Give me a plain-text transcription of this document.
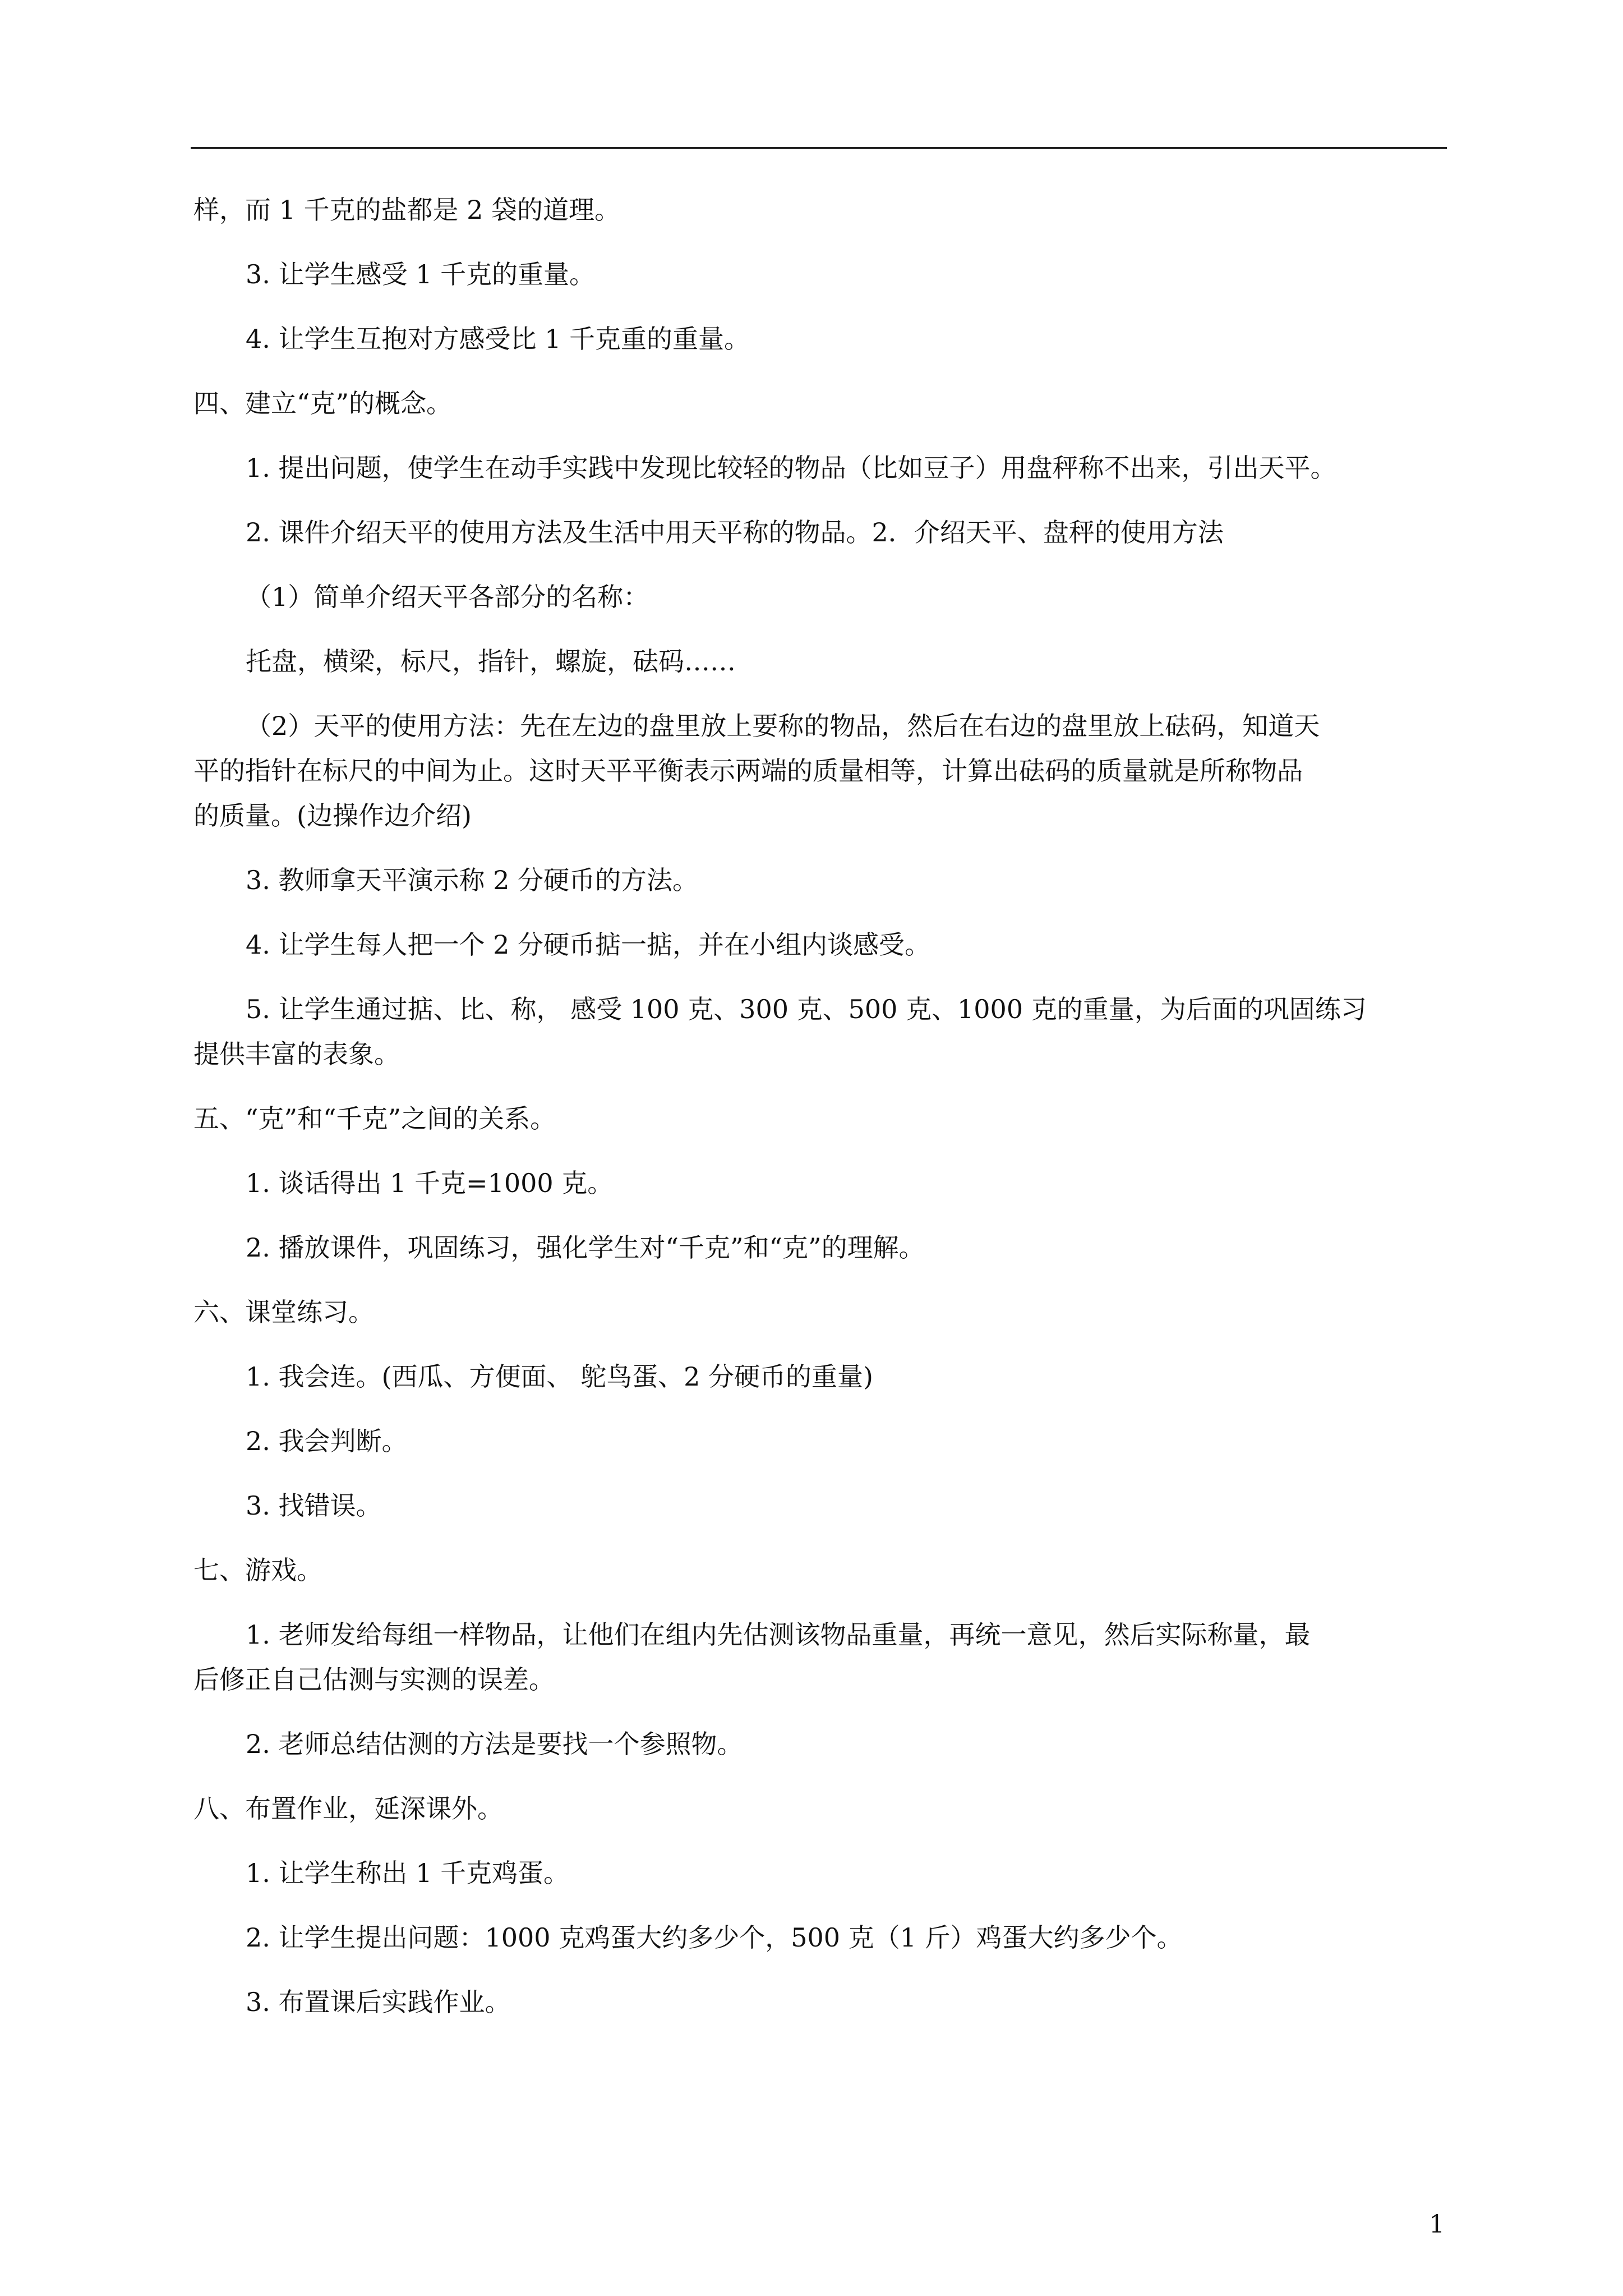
样，而 1 千克的盐都是 2 袋的道理。
3. 让学生感受 1 千克的重量。
4. 让学生互抱对方感受比 1 千克重的重量。
四、建立“克”的概念。
1. 提出问题，使学生在动手实践中发现比较轻的物品（比如豆子）用盘秤称不出来，引出天平。
2. 课件介绍天平的使用方法及生活中用天平称的物品。2．介绍天平、盘秤的使用方法
（1）简单介绍天平各部分的名称：
托盘，横梁，标尺，指针，螺旋，砝码……
（2）天平的使用方法：先在左边的盘里放上要称的物品，然后在右边的盘里放上砝码，知道天
平的指针在标尺的中间为止。这时天平平衡表示两端的质量相等，计算出砝码的质量就是所称物品
的质量。(边操作边介绍)
3. 教师拿天平演示称 2 分硬币的方法。
4. 让学生每人把一个 2 分硬币掂一掂，并在小组内谈感受。
5. 让学生通过掂、比、称， 感受 100 克、300 克、500 克、1000 克的重量，为后面的巩固练习
提供丰富的表象。
五、“克”和“千克”之间的关系。
1. 谈话得出 1 千克=1000 克。
2. 播放课件，巩固练习，强化学生对“千克”和“克”的理解。
六、课堂练习。
1. 我会连。(西瓜、方便面、 鸵鸟蛋、2 分硬币的重量)
2. 我会判断。
3. 找错误。
七、游戏。
1. 老师发给每组一样物品，让他们在组内先估测该物品重量，再统一意见，然后实际称量，最
后修正自己估测与实测的误差。
2. 老师总结估测的方法是要找一个参照物。
八、布置作业，延深课外。
1. 让学生称出 1 千克鸡蛋。
2. 让学生提出问题：1000 克鸡蛋大约多少个，500 克（1 斤）鸡蛋大约多少个。
3. 布置课后实践作业。
1
